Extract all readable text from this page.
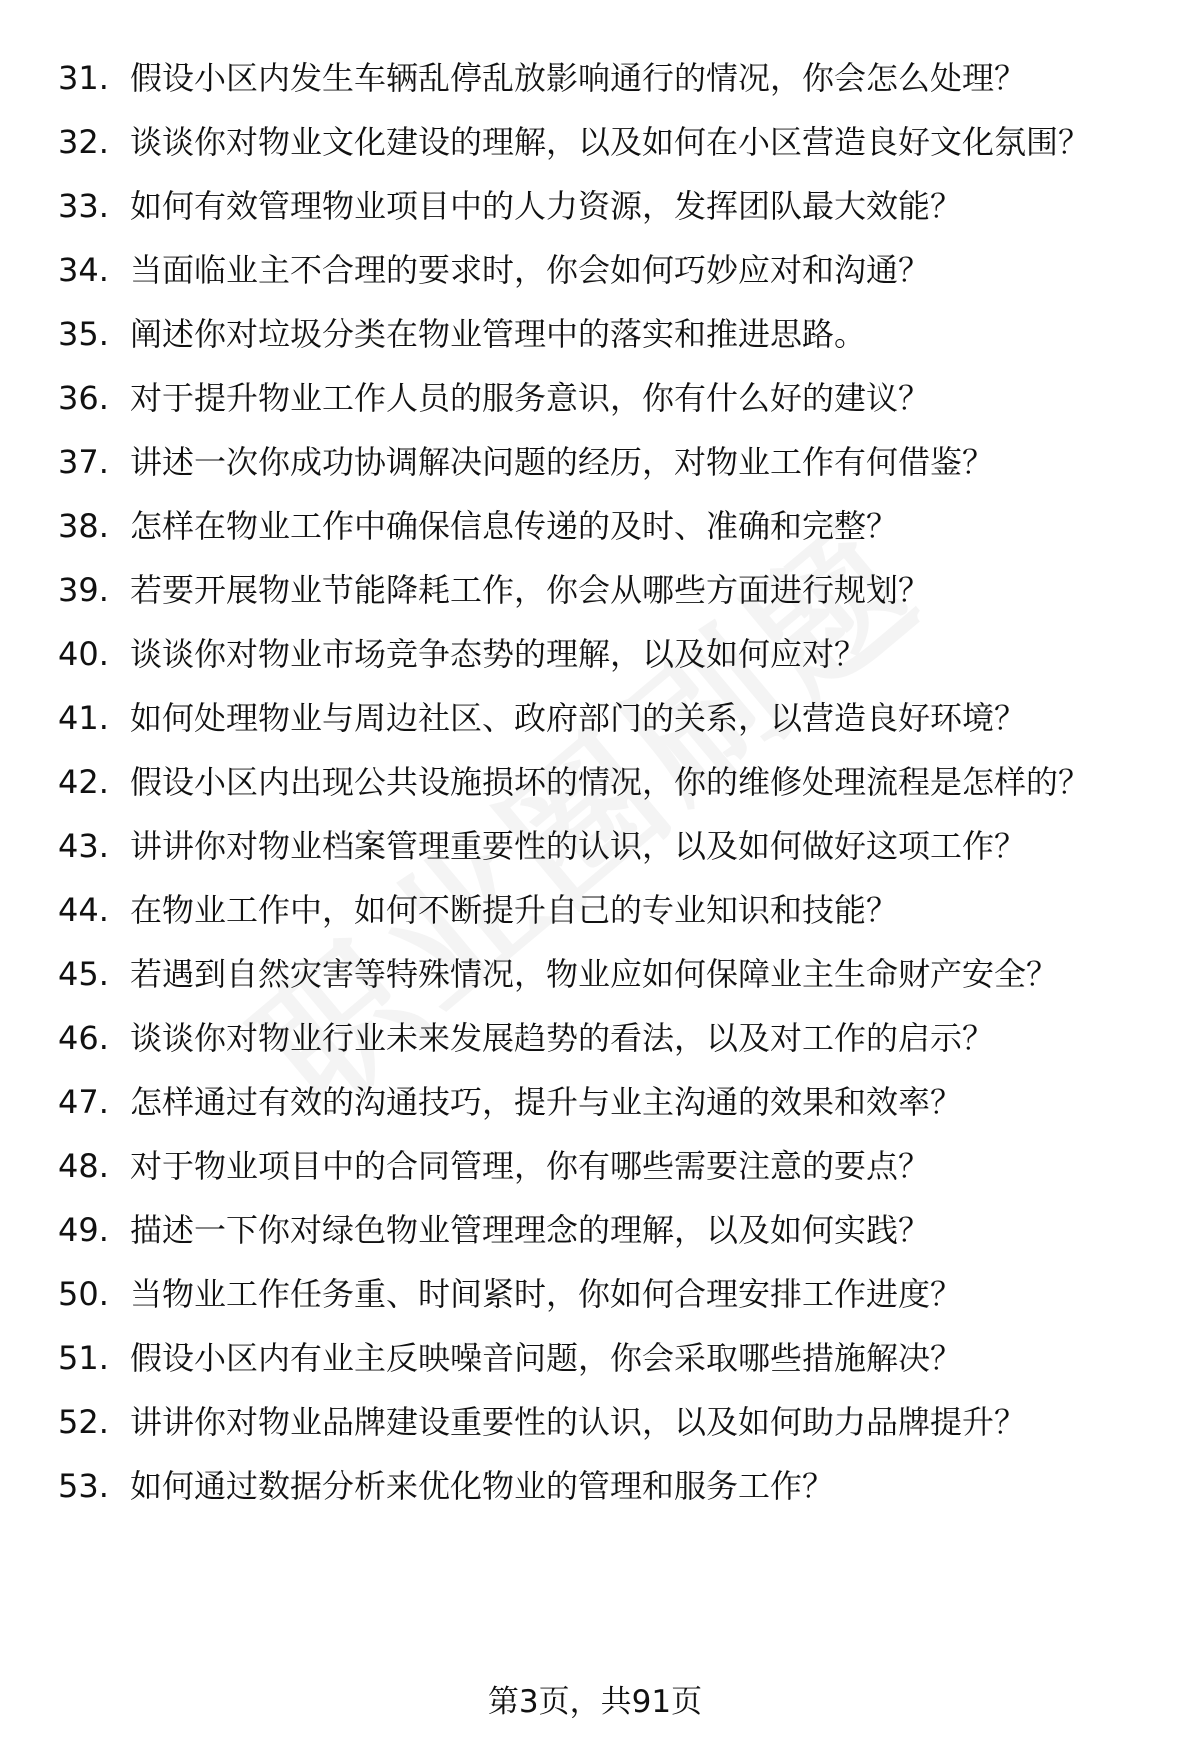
31. 假设小区内发生车辆乱停乱放影响通行的情况，你会怎么处理？
32. 谈谈你对物业文化建设的理解，以及如何在小区营造良好文化氛围？
33. 如何有效管理物业项目中的人力资源，发挥团队最大效能？
34. 当面临业主不合理的要求时，你会如何巧妙应对和沟通？
35. 阐述你对垃圾分类在物业管理中的落实和推进思路。
36. 对于提升物业工作人员的服务意识，你有什么好的建议？
37. 讲述一次你成功协调解决问题的经历，对物业工作有何借鉴？
38. 怎样在物业工作中确保信息传递的及时、准确和完整？
39. 若要开展物业节能降耗工作，你会从哪些方面进行规划？
40. 谈谈你对物业市场竞争态势的理解，以及如何应对？
41. 如何处理物业与周边社区、政府部门的关系，以营造良好环境？
42. 假设小区内出现公共设施损坏的情况，你的维修处理流程是怎样的？
43. 讲讲你对物业档案管理重要性的认识，以及如何做好这项工作？
44. 在物业工作中，如何不断提升自己的专业知识和技能？
45. 若遇到自然灾害等特殊情况，物业应如何保障业主生命财产安全？
46. 谈谈你对物业行业未来发展趋势的看法，以及对工作的启示？
47. 怎样通过有效的沟通技巧，提升与业主沟通的效果和效率？
48. 对于物业项目中的合同管理，你有哪些需要注意的要点？
49. 描述一下你对绿色物业管理理念的理解，以及如何实践？
50. 当物业工作任务重、时间紧时，你如何合理安排工作进度？
51. 假设小区内有业主反映噪音问题，你会采取哪些措施解决？
52. 讲讲你对物业品牌建设重要性的认识，以及如何助力品牌提升？
53. 如何通过数据分析来优化物业的管理和服务工作？
第3页，共91页
